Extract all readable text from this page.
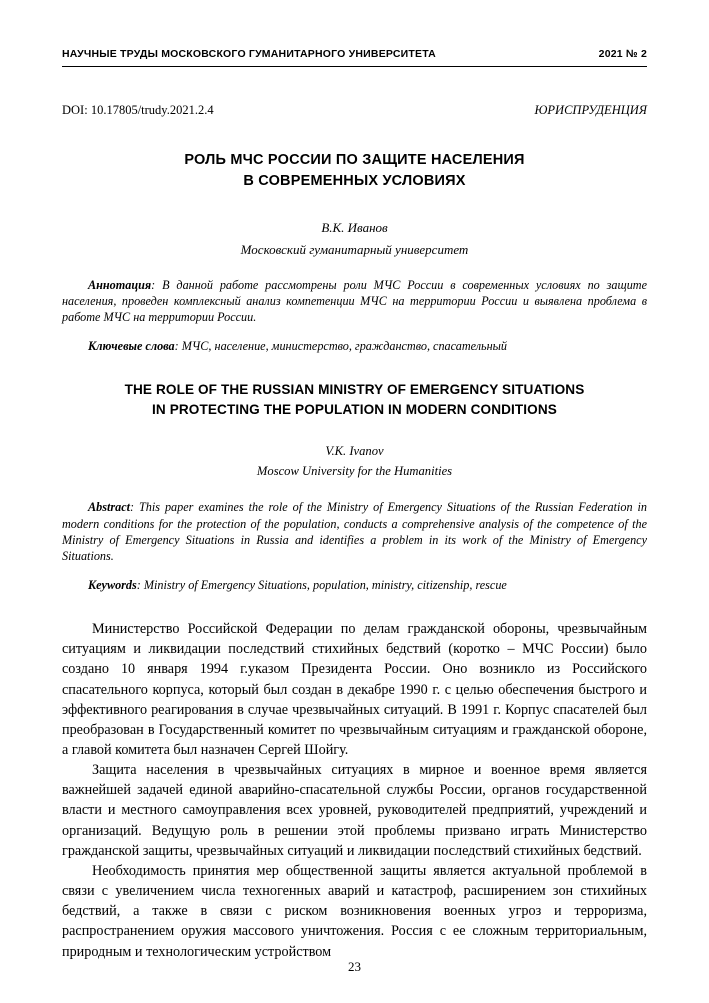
НАУЧНЫЕ ТРУДЫ МОСКОВСКОГО ГУМАНИТАРНОГО УНИВЕРСИТЕТА	2021 № 2
DOI: 10.17805/trudy.2021.2.4	ЮРИСПРУДЕНЦИЯ
РОЛЬ МЧС РОССИИ ПО ЗАЩИТЕ НАСЕЛЕНИЯ
В СОВРЕМЕННЫХ УСЛОВИЯХ
В.К. Иванов
Московский гуманитарный университет

Аннотация: В данной работе рассмотрены роли МЧС России в современных условиях по защите населения, проведен комплексный анализ компетенции МЧС на территории России и выявлена проблема в работе МЧС на территории России.

Ключевые слова: МЧС, население, министерство, гражданство, спасательный

THE ROLE OF THE RUSSIAN MINISTRY OF EMERGENCY SITUATIONS
IN PROTECTING THE POPULATION IN MODERN CONDITIONS
V.K. Ivanov
Moscow University for the Humanities

Abstract: This paper examines the role of the Ministry of Emergency Situations of the Russian Federation in modern conditions for the protection of the population, conducts a comprehensive analysis of the competence of the Ministry of Emergency Situations in Russia and identifies a problem in its work of the Ministry of Emergency Situations.

Keywords: Ministry of Emergency Situations, population, ministry, citizenship, rescue

Министерство Российской Федерации по делам гражданской обороны, чрезвычайным ситуациям и ликвидации последствий стихийных бедствий (коротко – МЧС России) было создано 10 января 1994 г.указом Президента России. Оно возникло из Российского спасательного корпуса, который был создан в декабре 1990 г. с целью обеспечения быстрого и эффективного реагирования в случае чрезвычайных ситуаций. В 1991 г. Корпус спасателей был преобразован в Государственный комитет по чрезвычайным ситуациям и гражданской обороне, а главой комитета был назначен Сергей Шойгу.

Защита населения в чрезвычайных ситуациях в мирное и военное время является важнейшей задачей единой аварийно-спасательной службы России, органов государственной власти и местного самоуправления всех уровней, руководителей предприятий, учреждений и организаций. Ведущую роль в решении этой проблемы призвано играть Министерство гражданской защиты, чрезвычайных ситуаций и ликвидации последствий стихийных бедствий.

Необходимость принятия мер общественной защиты является актуальной проблемой в связи с увеличением числа техногенных аварий и катастроф, расширением зон стихийных бедствий, а также в связи с риском возникновения военных угроз и терроризма, распространением оружия массового уничтожения. Россия с ее сложным территориальным, природным и технологическим устройством

23
